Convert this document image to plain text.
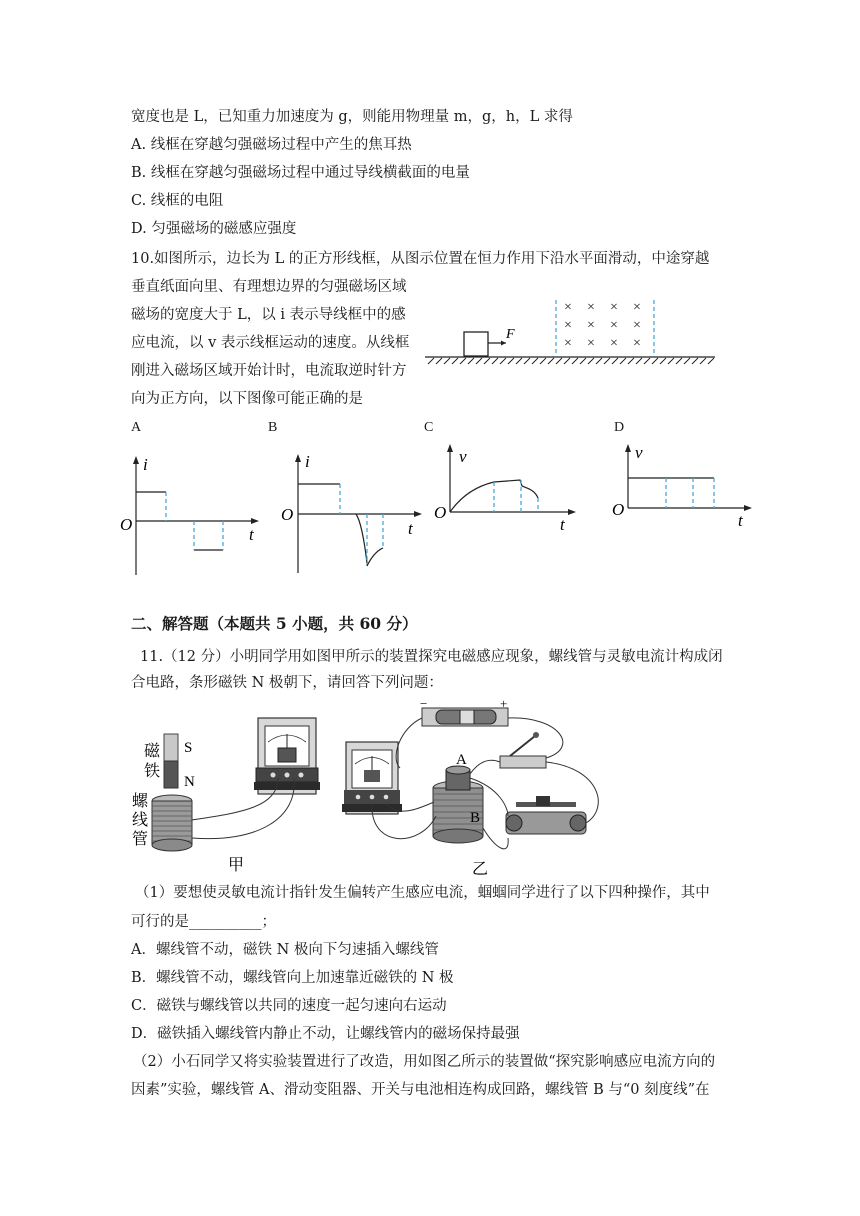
宽度也是 L，已知重力加速度为 g，则能用物理量 m，g，h，L 求得
A. 线框在穿越匀强磁场过程中产生的焦耳热
B. 线框在穿越匀强磁场过程中通过导线横截面的电量
C. 线框的电阻
D. 匀强磁场的磁感应强度
10.如图所示，边长为 L 的正方形线框，从图示位置在恒力作用下沿水平面滑动，中途穿越
垂直纸面向里、有理想边界的匀强磁场区域
磁场的宽度大于 L，以 i 表示导线框中的感
应电流，以 v 表示线框运动的速度。从线框
刚进入磁场区域开始计时，电流取逆时针方
向为正方向，以下图像可能正确的是
F
× × × ×
× × × ×
× × × ×
A	B	C	D
i
t
O
i
t
O
v
t
O
v
t
O
二、解答题（本题共 5 小题，共 60 分）
11.（12 分）小明同学用如图甲所示的装置探究电磁感应现象，螺线管与灵敏电流计构成闭
合电路，条形磁铁 N 极朝下，请回答下列问题：
磁
铁
S
N
螺
线
管
甲
−	+
A
B
乙
（1）要想使灵敏电流计指针发生偏转产生感应电流，蝈蝈同学进行了以下四种操作，其中
可行的是__________；
A．螺线管不动，磁铁 N 极向下匀速插入螺线管
B．螺线管不动，螺线管向上加速靠近磁铁的 N 极
C．磁铁与螺线管以共同的速度一起匀速向右运动
D．磁铁插入螺线管内静止不动，让螺线管内的磁场保持最强
（2）小石同学又将实验装置进行了改造，用如图乙所示的装置做“探究影响感应电流方向的
因素”实验，螺线管 A、滑动变阻器、开关与电池相连构成回路，螺线管 B 与“0 刻度线”在
